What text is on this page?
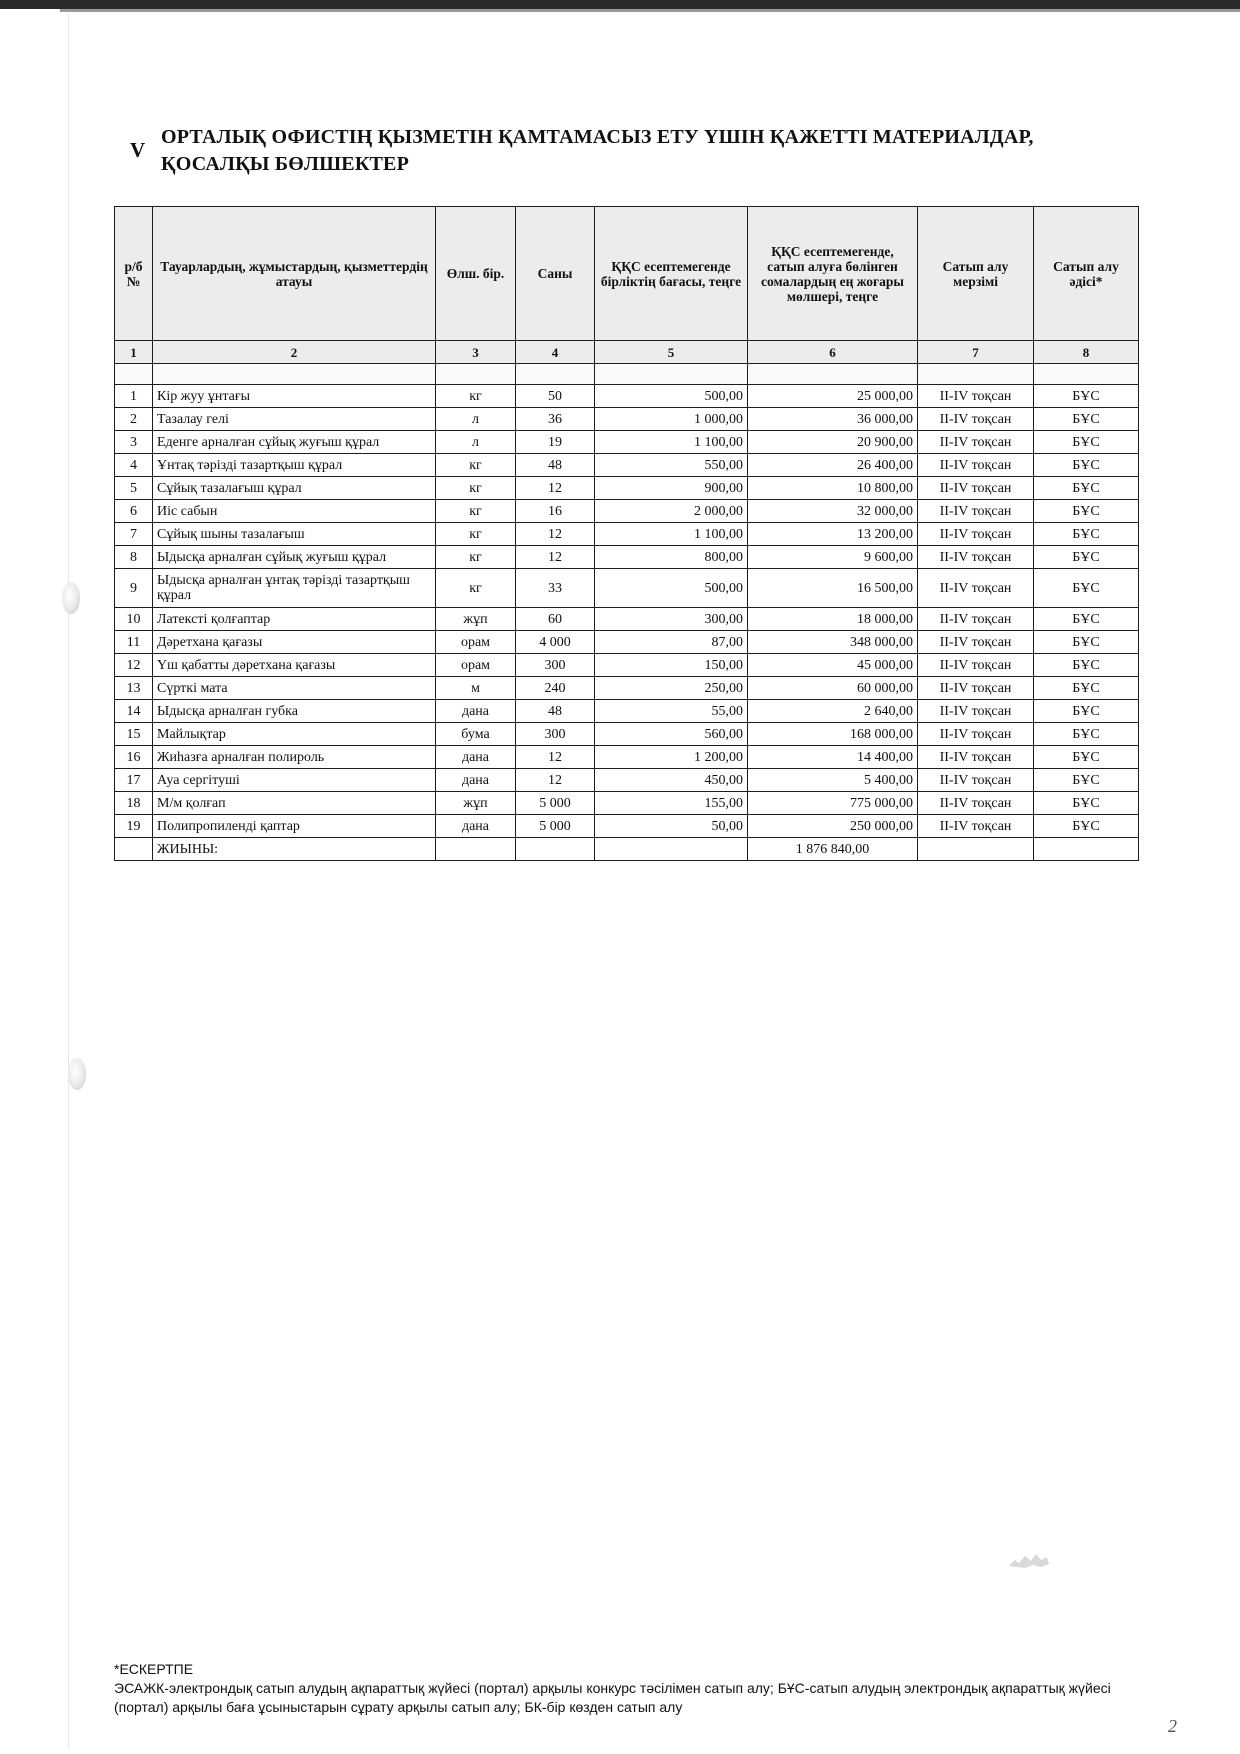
V
ОРТАЛЫҚ ОФИСТІҢ ҚЫЗМЕТІН ҚАМТАМАСЫЗ ЕТУ ҮШІН ҚАЖЕТТІ МАТЕРИАЛДАР,
ҚОСАЛҚЫ БӨЛШЕКТЕР
р/б №	Тауарлардың, жұмыстардың, қызметтердің атауы	Өлш. бір.	Саны	ҚҚС есептемегенде бірліктің бағасы, теңге	ҚҚС есептемегенде, сатып алуға бөлінген сомалардың ең жоғары мөлшері, теңге	Сатып алу мерзімі	Сатып алу әдісі*
1	2	3	4	5	6	7	8

1	Кір жуу ұнтағы	кг	50	500,00	25 000,00	II-IV тоқсан	БҰС
2	Тазалау гелі	л	36	1 000,00	36 000,00	II-IV тоқсан	БҰС
3	Еденге арналған сұйық жуғыш құрал	л	19	1 100,00	20 900,00	II-IV тоқсан	БҰС
4	Ұнтақ тәрізді тазартқыш құрал	кг	48	550,00	26 400,00	II-IV тоқсан	БҰС
5	Сұйық тазалағыш құрал	кг	12	900,00	10 800,00	II-IV тоқсан	БҰС
6	Иіс сабын	кг	16	2 000,00	32 000,00	II-IV тоқсан	БҰС
7	Сұйық шыны тазалағыш	кг	12	1 100,00	13 200,00	II-IV тоқсан	БҰС
8	Ыдысқа арналған сұйық жуғыш құрал	кг	12	800,00	9 600,00	II-IV тоқсан	БҰС
9	Ыдысқа арналған ұнтақ тәрізді тазартқыш құрал	кг	33	500,00	16 500,00	II-IV тоқсан	БҰС
10	Латексті қолғаптар	жұп	60	300,00	18 000,00	II-IV тоқсан	БҰС
11	Дәретхана қағазы	орам	4 000	87,00	348 000,00	II-IV тоқсан	БҰС
12	Үш қабатты дәретхана қағазы	орам	300	150,00	45 000,00	II-IV тоқсан	БҰС
13	Сүрткі мата	м	240	250,00	60 000,00	II-IV тоқсан	БҰС
14	Ыдысқа арналған губка	дана	48	55,00	2 640,00	II-IV тоқсан	БҰС
15	Майлықтар	бума	300	560,00	168 000,00	II-IV тоқсан	БҰС
16	Жиһазға арналған полироль	дана	12	1 200,00	14 400,00	II-IV тоқсан	БҰС
17	Ауа сергітуші	дана	12	450,00	5 400,00	II-IV тоқсан	БҰС
18	М/м қолғап	жұп	5 000	155,00	775 000,00	II-IV тоқсан	БҰС
19	Полипропиленді қаптар	дана	5 000	50,00	250 000,00	II-IV тоқсан	БҰС
	ЖИЫНЫ:				1 876 840,00		
*ЕСКЕРТПЕ
ЭСАЖК-электрондық сатып алудың ақпараттық жүйесі (портал) арқылы конкурс тәсілімен сатып алу; БҰС-сатып алудың электрондық ақпараттық жүйесі (портал) арқылы баға ұсыныстарын сұрату арқылы сатып алу; БК-бір көзден сатып алу
2
